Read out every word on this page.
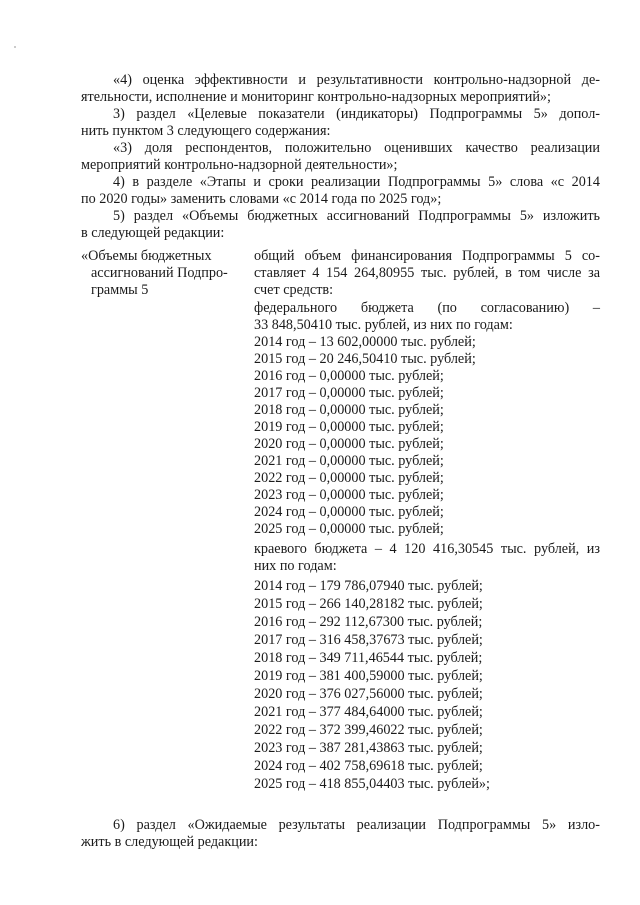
«4) оценка эффективности и результативности контрольно-надзорной де-
ятельности, исполнение и мониторинг контрольно-надзорных мероприятий»;
3) раздел «Целевые показатели (индикаторы) Подпрограммы 5» допол-
нить пунктом 3 следующего содержания:
«3) доля респондентов, положительно оценивших качество реализации
мероприятий контрольно-надзорной деятельности»;
4) в разделе «Этапы и сроки реализации Подпрограммы 5» слова «с 2014
по 2020 годы» заменить словами «с 2014 года по 2025 год»;
5) раздел «Объемы бюджетных ассигнований Подпрограммы 5» изложить
в следующей редакции:
«Объемы бюджетных
ассигнований Подпро-
граммы 5
общий объем финансирования Подпрограммы 5 со-
ставляет 4 154 264,80955 тыс. рублей, в том числе за
счет средств:
федерального бюджета (по согласованию) –
33 848,50410 тыс. рублей, из них по годам:
2014 год – 13 602,00000 тыс. рублей;
2015 год – 20 246,50410 тыс. рублей;
2016 год – 0,00000 тыс. рублей;
2017 год – 0,00000 тыс. рублей;
2018 год – 0,00000 тыс. рублей;
2019 год – 0,00000 тыс. рублей;
2020 год – 0,00000 тыс. рублей;
2021 год – 0,00000 тыс. рублей;
2022 год – 0,00000 тыс. рублей;
2023 год – 0,00000 тыс. рублей;
2024 год – 0,00000 тыс. рублей;
2025 год – 0,00000 тыс. рублей;
краевого бюджета – 4 120 416,30545 тыс. рублей, из
них по годам:
2014 год – 179 786,07940 тыс. рублей;
2015 год – 266 140,28182 тыс. рублей;
2016 год – 292 112,67300 тыс. рублей;
2017 год – 316 458,37673 тыс. рублей;
2018 год – 349 711,46544 тыс. рублей;
2019 год – 381 400,59000 тыс. рублей;
2020 год – 376 027,56000 тыс. рублей;
2021 год – 377 484,64000 тыс. рублей;
2022 год – 372 399,46022 тыс. рублей;
2023 год – 387 281,43863 тыс. рублей;
2024 год – 402 758,69618 тыс. рублей;
2025 год – 418 855,04403 тыс. рублей»;
6) раздел «Ожидаемые результаты реализации Подпрограммы 5» изло-
жить в следующей редакции:
